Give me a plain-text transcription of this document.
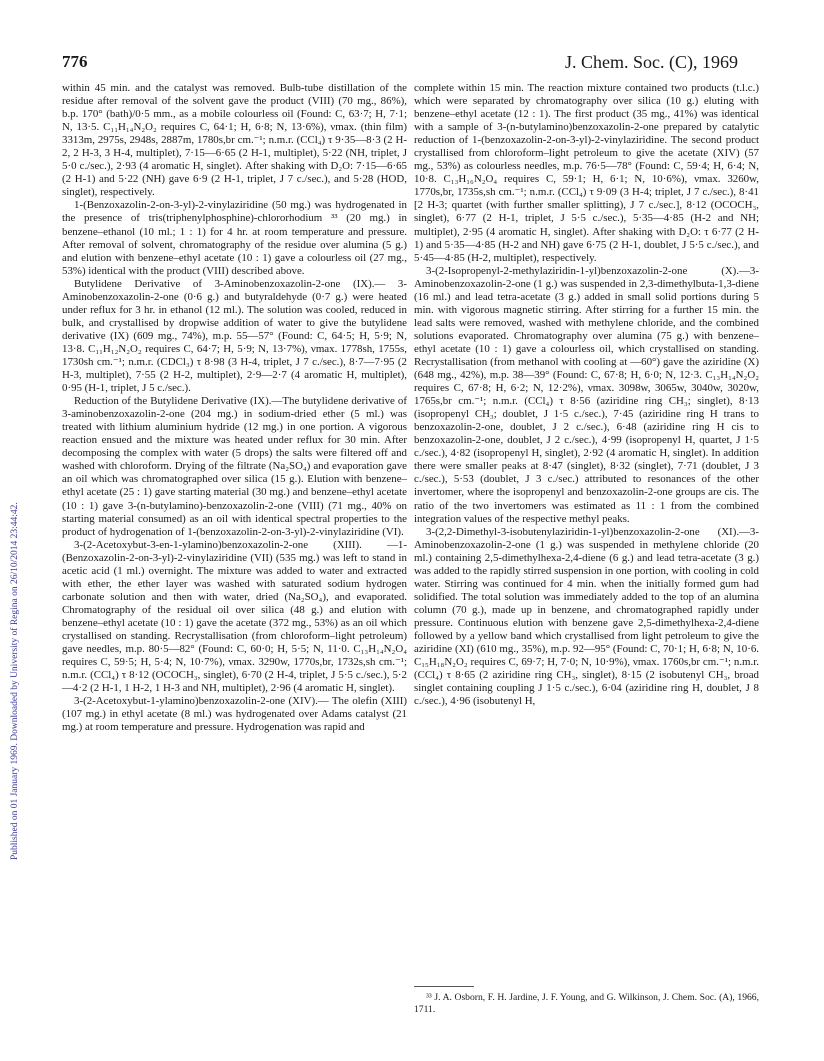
776	J. Chem. Soc. (C), 1969
Published on 01 January 1969. Downloaded by University of Regina on 26/10/2014 23:44:42.

within 45 min. and the catalyst was removed. Bulb-tube distillation of the residue after removal of the solvent gave the product (VIII) (70 mg., 86%), b.p. 170° (bath)/0·5 mm., as a mobile colourless oil (Found: C, 63·7; H, 7·1; N, 13·5. C₁₁H₁₄N₂O₂ requires C, 64·1; H, 6·8; N, 13·6%), νmax. (thin film) 3313m, 2975s, 2948s, 2887m, 1780s,br cm.⁻¹; n.m.r. (CCl₄) τ 9·35—8·3 (2 H-2, 2 H-3, 3 H-4, multiplet), 7·15—6·65 (2 H-1, multiplet), 5·22 (NH, triplet, J 5·0 c./sec.), 2·93 (4 aromatic H, singlet). After shaking with D₂O: 7·15—6·65 (2 H-1) and 5·22 (NH) gave 6·9 (2 H-1, triplet, J 7 c./sec.), and 5·28 (HOD, singlet), respectively.

1-(Benzoxazolin-2-on-3-yl)-2-vinylaziridine (50 mg.) was hydrogenated in the presence of tris(triphenylphosphine)-chlororhodium ³³ (20 mg.) in benzene–ethanol (10 ml.; 1 : 1) for 4 hr. at room temperature and pressure. After removal of solvent, chromatography of the residue over alumina (5 g.) and elution with benzene–ethyl acetate (10 : 1) gave a colourless oil (27 mg., 53%) identical with the product (VIII) described above.

Butylidene Derivative of 3-Aminobenzoxazolin-2-one (IX).— 3-Aminobenzoxazolin-2-one (0·6 g.) and butyraldehyde (0·7 g.) were heated under reflux for 3 hr. in ethanol (12 ml.). The solution was cooled, reduced in bulk, and crystallised by dropwise addition of water to give the butylidene derivative (IX) (609 mg., 74%), m.p. 55—57° (Found: C, 64·5; H, 5·9; N, 13·8. C₁₁H₁₂N₂O₂ requires C, 64·7; H, 5·9; N, 13·7%), νmax. 1778sh, 1755s, 1730sh cm.⁻¹; n.m.r. (CDCl₃) τ 8·98 (3 H-4, triplet, J 7 c./sec.), 8·7—7·95 (2 H-3, multiplet), 7·55 (2 H-2, multiplet), 2·9—2·7 (4 aromatic H, multiplet), 0·95 (H-1, triplet, J 5 c./sec.).

Reduction of the Butylidene Derivative (IX).—The butylidene derivative of 3-aminobenzoxazolin-2-one (204 mg.) in sodium-dried ether (5 ml.) was treated with lithium aluminium hydride (12 mg.) in one portion. A vigorous reaction ensued and the mixture was heated under reflux for 30 min. After decomposing the complex with water (5 drops) the salts were filtered off and washed with chloroform. Drying of the filtrate (Na₂SO₄) and evaporation gave an oil which was chromatographed over silica (15 g.). Elution with benzene–ethyl acetate (25 : 1) gave starting material (30 mg.) and benzene–ethyl acetate (10 : 1) gave 3-(n-butylamino)-benzoxazolin-2-one (VIII) (71 mg., 40% on starting material consumed) as an oil with identical spectral properties to the product of hydrogenation of 1-(benzoxazolin-2-on-3-yl)-2-vinylaziridine (VI).

3-(2-Acetoxybut-3-en-1-ylamino)benzoxazolin-2-one (XIII). —1-(Benzoxazolin-2-on-3-yl)-2-vinylaziridine (VII) (535 mg.) was left to stand in acetic acid (1 ml.) overnight. The mixture was added to water and extracted with ether, the ether layer was washed with saturated sodium hydrogen carbonate solution and then with water, dried (Na₂SO₄), and evaporated. Chromatography of the residual oil over silica (48 g.) and elution with benzene–ethyl acetate (10 : 1) gave the acetate (372 mg., 53%) as an oil which crystallised on standing. Recrystallisation (from chloroform–light petroleum) gave needles, m.p. 80·5—82° (Found: C, 60·0; H, 5·5; N, 11·0. C₁₃H₁₄N₂O₄ requires C, 59·5; H, 5·4; N, 10·7%), νmax. 3290w, 1770s,br, 1732s,sh cm.⁻¹; n.m.r. (CCl₄) τ 8·12 (OCOCH₃, singlet), 6·70 (2 H-4, triplet, J 5·5 c./sec.), 5·2—4·2 (2 H-1, 1 H-2, 1 H-3 and NH, multiplet), 2·96 (4 aromatic H, singlet).

3-(2-Acetoxybut-1-ylamino)benzoxazolin-2-one (XIV).— The olefin (XIII) (107 mg.) in ethyl acetate (8 ml.) was hydrogenated over Adams catalyst (21 mg.) at room temperature and pressure. Hydrogenation was rapid and

complete within 15 min. The reaction mixture contained two products (t.l.c.) which were separated by chromatography over silica (10 g.) eluting with benzene–ethyl acetate (12 : 1). The first product (35 mg., 41%) was identical with a sample of 3-(n-butylamino)benzoxazolin-2-one prepared by catalytic reduction of 1-(benzoxazolin-2-on-3-yl)-2-vinylaziridine. The second product crystallised from chloroform–light petroleum to give the acetate (XIV) (57 mg., 53%) as colourless needles, m.p. 76·5—78° (Found: C, 59·4; H, 6·4; N, 10·8. C₁₃H₁₆N₂O₄ requires C, 59·1; H, 6·1; N, 10·6%), νmax. 3260w, 1770s,br, 1735s,sh cm.⁻¹; n.m.r. (CCl₄) τ 9·09 (3 H-4; triplet, J 7 c./sec.), 8·41 [2 H-3; quartet (with further smaller splitting), J 7 c./sec.], 8·12 (OCOCH₃, singlet), 6·77 (2 H-1, triplet, J 5·5 c./sec.), 5·35—4·85 (H-2 and NH; multiplet), 2·95 (4 aromatic H, singlet). After shaking with D₂O: τ 6·77 (2 H-1) and 5·35—4·85 (H-2 and NH) gave 6·75 (2 H-1, doublet, J 5·5 c./sec.), and 5·45—4·85 (H-2, multiplet), respectively.

3-(2-Isopropenyl-2-methylaziridin-1-yl)benzoxazolin-2-one (X).—3-Aminobenzoxazolin-2-one (1 g.) was suspended in 2,3-dimethylbuta-1,3-diene (16 ml.) and lead tetra-acetate (3 g.) added in small solid portions during 5 min. with vigorous magnetic stirring. After stirring for a further 15 min. the lead salts were removed, washed with methylene chloride, and the combined solutions evaporated. Chromatography over alumina (75 g.) with benzene–ethyl acetate (10 : 1) gave a colourless oil, which crystallised on standing. Recrystallisation (from methanol with cooling at —60°) gave the aziridine (X) (648 mg., 42%), m.p. 38—39° (Found: C, 67·8; H, 6·0; N, 12·3. C₁₃H₁₄N₂O₂ requires C, 67·8; H, 6·2; N, 12·2%), νmax. 3098w, 3065w, 3040w, 3020w, 1765s,br cm.⁻¹; n.m.r. (CCl₄) τ 8·56 (aziridine ring CH₃; singlet), 8·13 (isopropenyl CH₃; doublet, J 1·5 c./sec.), 7·45 (aziridine ring H trans to benzoxazolin-2-one, doublet, J 2 c./sec.), 6·48 (aziridine ring H cis to benzoxazolin-2-one, doublet, J 2 c./sec.), 4·99 (isopropenyl H, quartet, J 1·5 c./sec.), 4·82 (isopropenyl H, singlet), 2·92 (4 aromatic H, singlet). In addition there were smaller peaks at 8·47 (singlet), 8·32 (singlet), 7·71 (doublet, J 3 c./sec.), 5·53 (doublet, J 3 c./sec.) attributed to resonances of the other invertomer, where the isopropenyl and benzoxazolin-2-one groups are cis. The ratio of the two invertomers was estimated as 11 : 1 from the combined integration values of the respective methyl peaks.

3-(2,2-Dimethyl-3-isobutenylaziridin-1-yl)benzoxazolin-2-one (XI).—3-Aminobenzoxazolin-2-one (1 g.) was suspended in methylene chloride (20 ml.) containing 2,5-dimethylhexa-2,4-diene (6 g.) and lead tetra-acetate (3 g.) was added to the rapidly stirred suspension in one portion, with cooling in cold water. Stirring was continued for 4 min. when the initially formed gum had solidified. The total solution was immediately added to the top of an alumina column (70 g.), made up in benzene, and chromatographed rapidly under pressure. Continuous elution with benzene gave 2,5-dimethylhexa-2,4-diene followed by a yellow band which crystallised from light petroleum to give the aziridine (XI) (610 mg., 35%), m.p. 92—95° (Found: C, 70·1; H, 6·8; N, 10·6. C₁₅H₁₈N₂O₂ requires C, 69·7; H, 7·0; N, 10·9%), νmax. 1760s,br cm.⁻¹; n.m.r. (CCl₄) τ 8·65 (2 aziridine ring CH₃, singlet), 8·15 (2 isobutenyl CH₃, broad singlet containing coupling J 1·5 c./sec.), 6·04 (aziridine ring H, doublet, J 8 c./sec.), 4·96 (isobutenyl H,

³³ J. A. Osborn, F. H. Jardine, J. F. Young, and G. Wilkinson, J. Chem. Soc. (A), 1966, 1711.
